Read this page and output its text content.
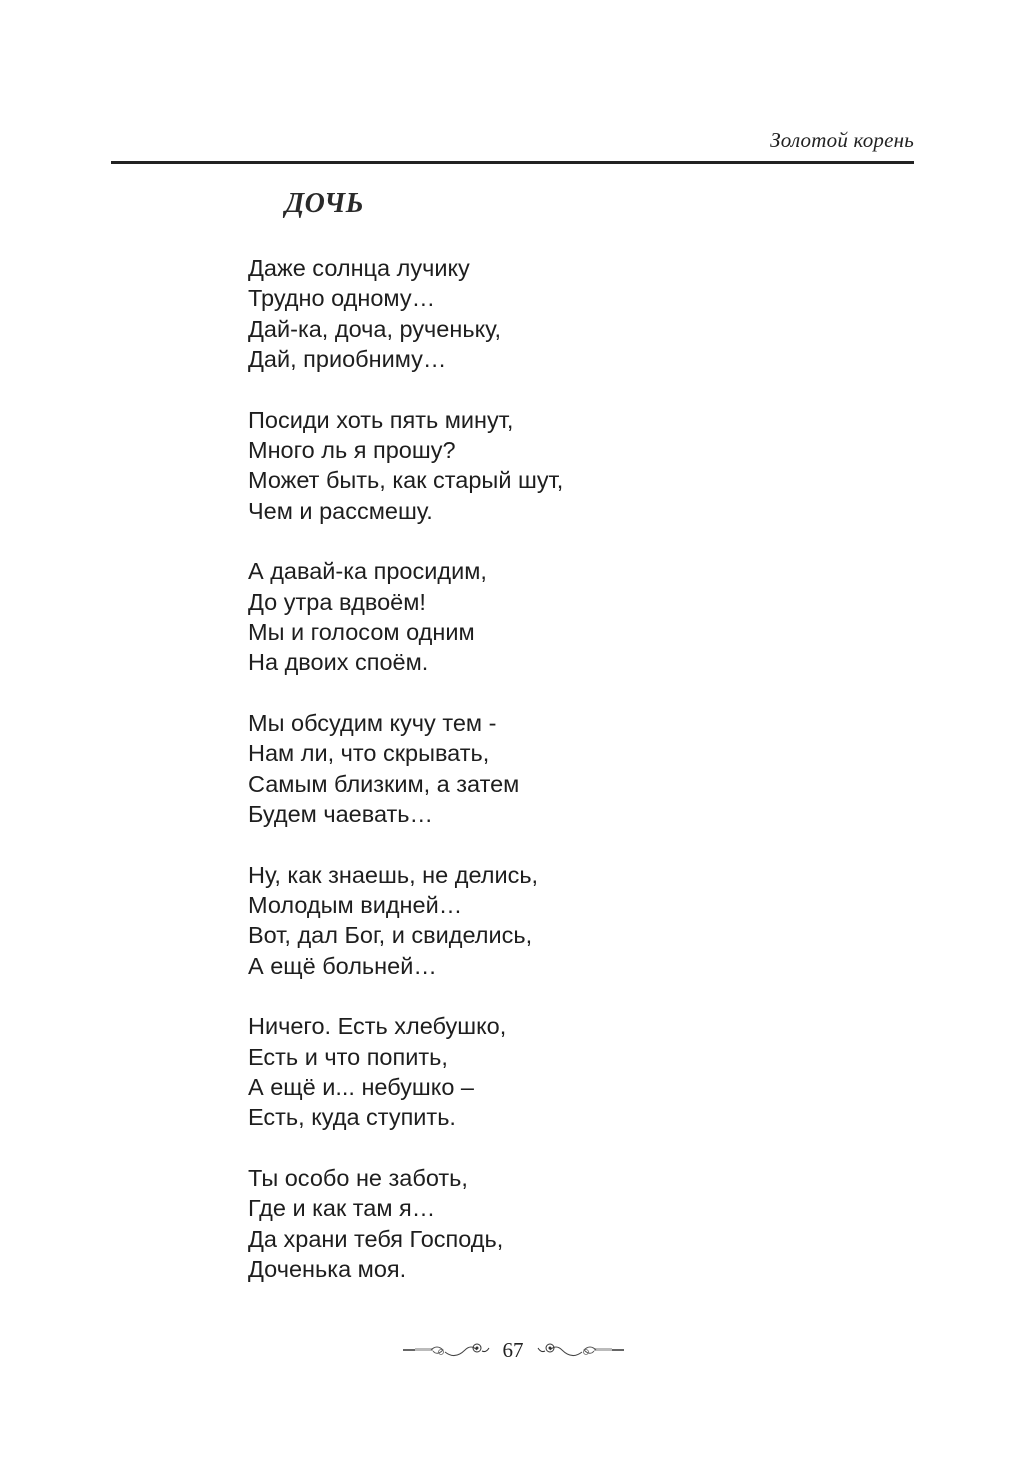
Золотой корень
ДОЧЬ
Даже солнца лучику
Трудно одному…
Дай-ка, доча, рученьку,
Дай, приобниму…
Посиди хоть пять минут,
Много ль я прошу?
Может быть, как старый шут,
Чем и рассмешу.
А давай-ка просидим,
До утра вдвоём!
Мы и голосом одним
На двоих споём.
Мы обсудим кучу тем -
Нам ли, что скрывать,
Самым близким, а затем
Будем чаевать…
Ну, как знаешь, не делись,
Молодым видней…
Вот, дал Бог, и свиделись,
А ещё больней…
Ничего. Есть хлебушко,
Есть и что попить,
А ещё и... небушко –
Есть, куда ступить.
Ты особо не заботь,
Где и как там я…
Да храни тебя Господь,
Доченька моя.
67
